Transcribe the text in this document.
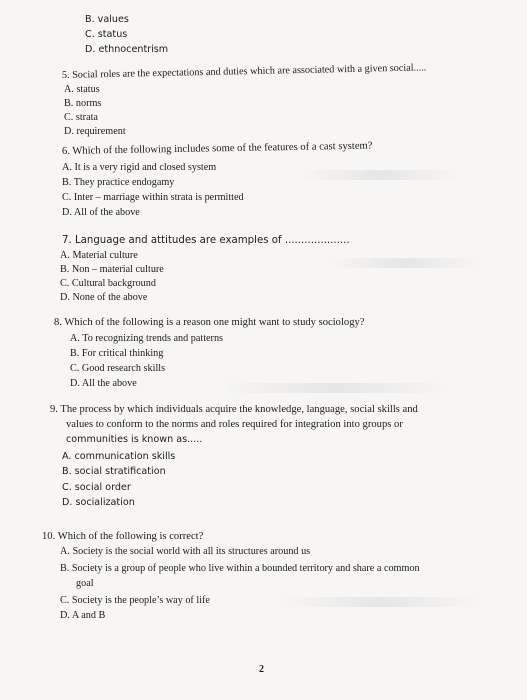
B. values
C. status
D. ethnocentrism
5. Social roles are the expectations and duties which are associated with a given social.....
A. status
B. norms
C. strata
D. requirement
6. Which of the following includes some of the features of a cast system?
A. It is a very rigid and closed system
B. They practice endogamy
C. Inter – marriage within strata is permitted
D. All of the above
7. Language and attitudes are examples of ....................
A. Material culture
B. Non – material culture
C. Cultural background
D. None of the above
8. Which of the following is a reason one might want to study sociology?
A. To recognizing trends and patterns
B. For critical thinking
C. Good research skills
D. All the above
9. The process by which individuals acquire the knowledge, language, social skills and
values to conform to the norms and roles required for integration into groups or
communities is known as.....
A. communication skills
B. social stratification
C. social order
D. socialization
10. Which of the following is correct?
A. Society is the social world with all its structures around us
B. Society is a group of people who live within a bounded territory and share a common
goal
C. Society is the people’s way of life
D. A and B
2
